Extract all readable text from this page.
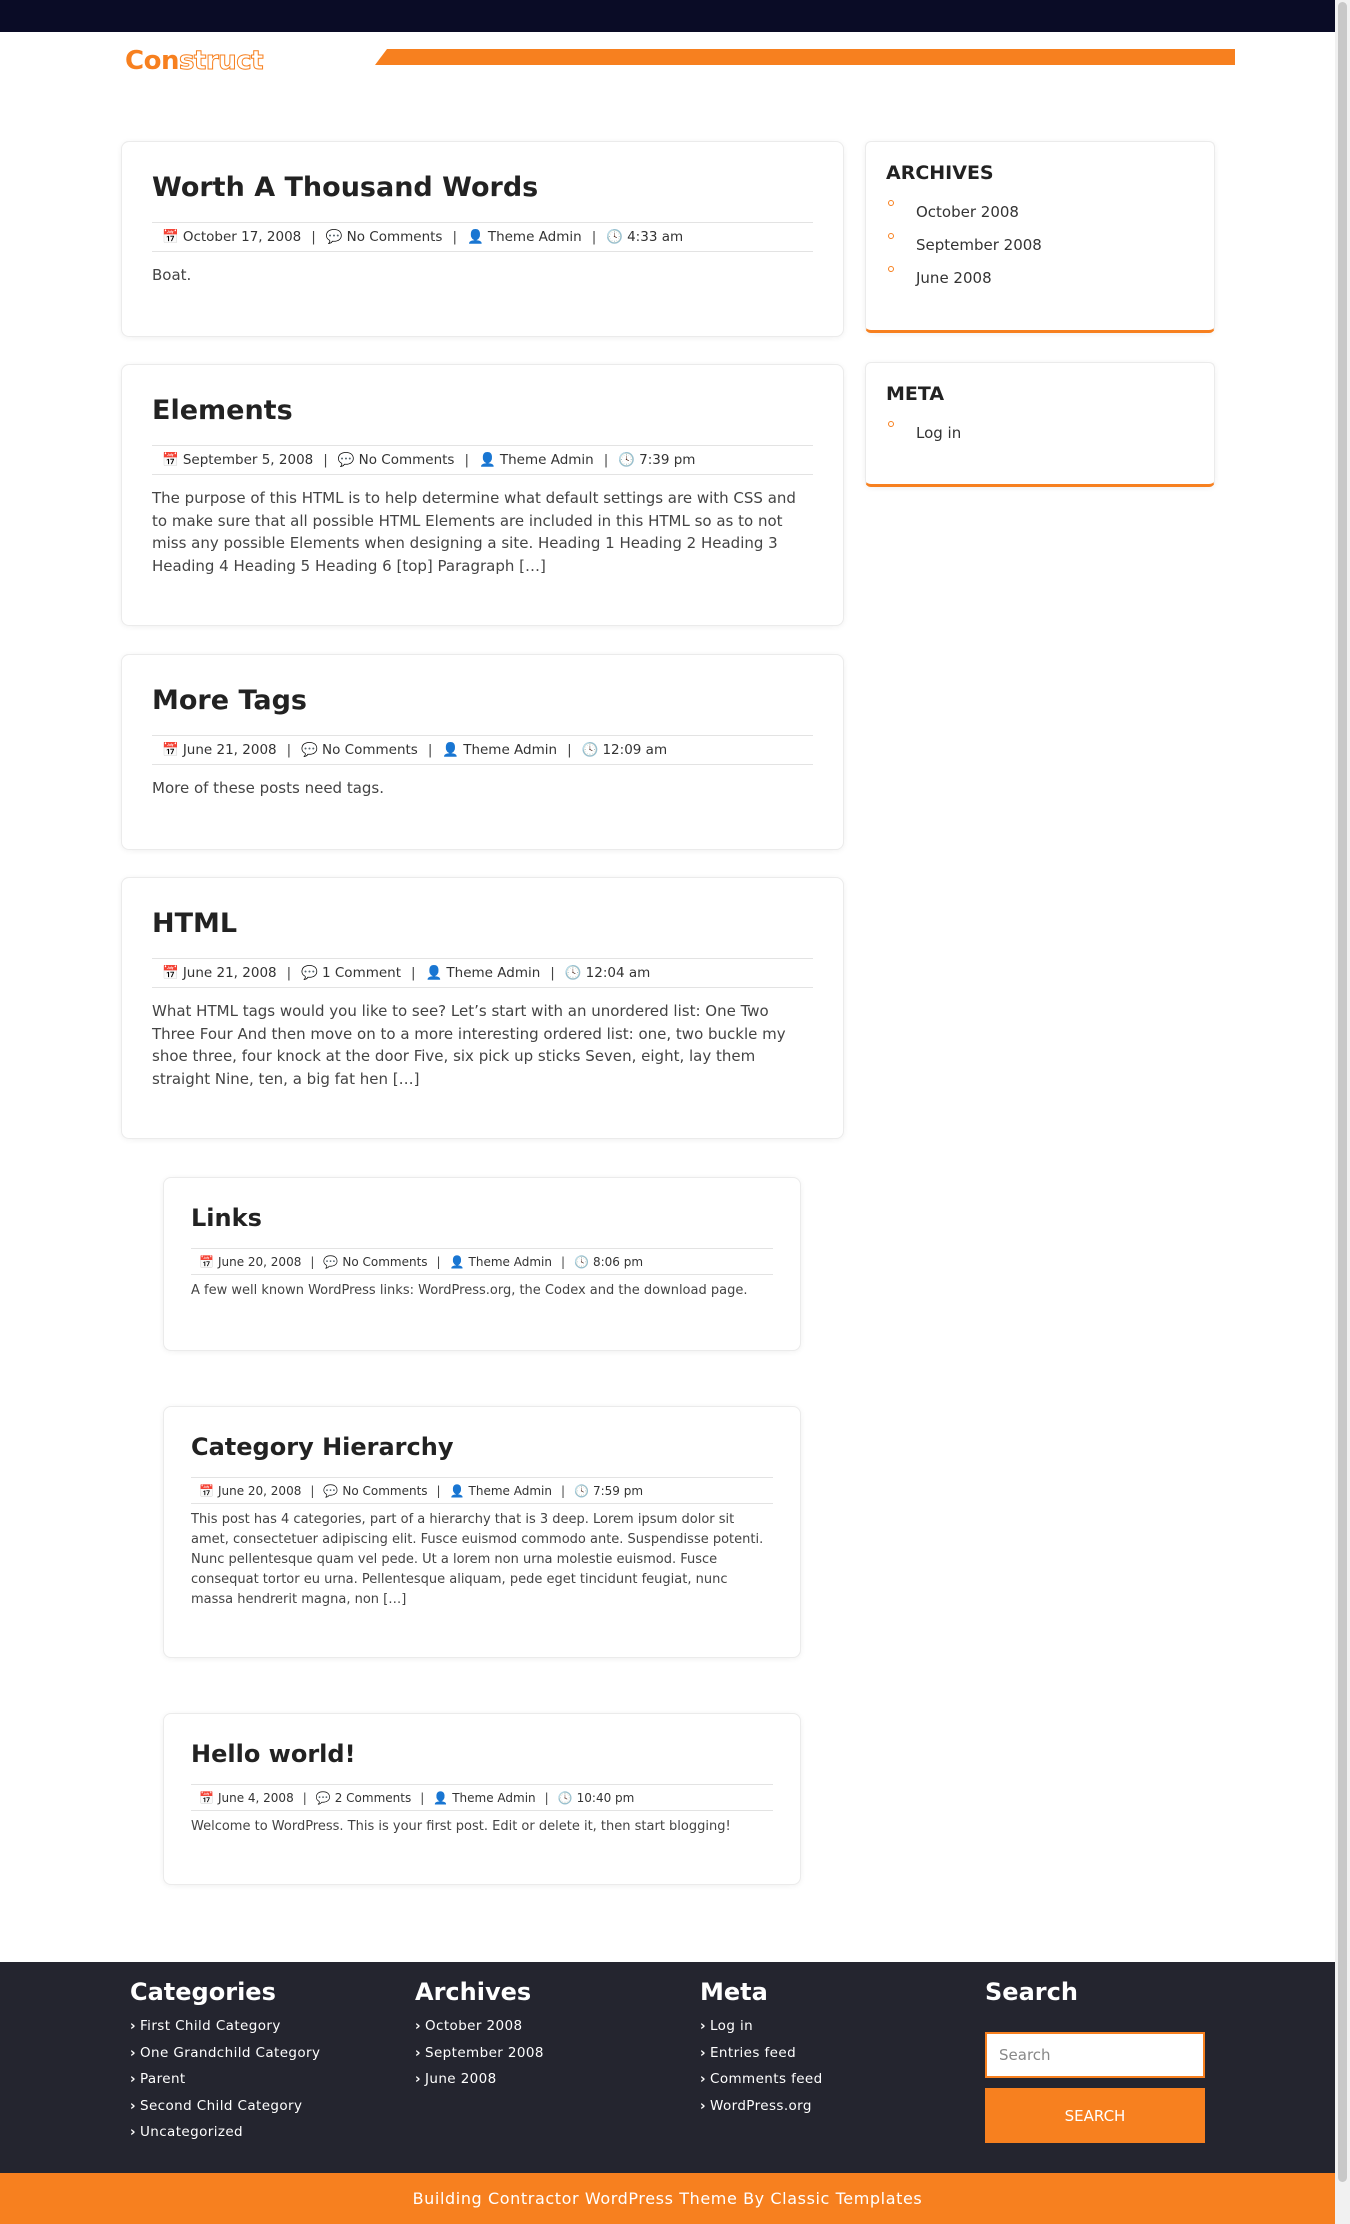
Construct
Worth A Thousand Words
📅 October 17, 2008 | 💬 No Comments | 👤 Theme Admin | 🕓 4:33 am

Boat.

Elements
📅 September 5, 2008 | 💬 No Comments | 👤 Theme Admin | 🕓 7:39 pm

The purpose of this HTML is to help determine what default settings are with CSS and to make sure that all possible HTML Elements are included in this HTML so as to not miss any possible Elements when designing a site. Heading 1 Heading 2 Heading 3 Heading 4 Heading 5 Heading 6 [top] Paragraph […]

More Tags
📅 June 21, 2008 | 💬 No Comments | 👤 Theme Admin | 🕓 12:09 am

More of these posts need tags.

HTML
📅 June 21, 2008 | 💬 1 Comment | 👤 Theme Admin | 🕓 12:04 am

What HTML tags would you like to see? Let’s start with an unordered list: One Two Three Four And then move on to a more interesting ordered list: one, two buckle my shoe three, four knock at the door Five, six pick up sticks Seven, eight, lay them straight Nine, ten, a big fat hen […]

Links
📅 June 20, 2008 | 💬 No Comments | 👤 Theme Admin | 🕓 8:06 pm

A few well known WordPress links: WordPress.org, the Codex and the download page.

Category Hierarchy
📅 June 20, 2008 | 💬 No Comments | 👤 Theme Admin | 🕓 7:59 pm

This post has 4 categories, part of a hierarchy that is 3 deep. Lorem ipsum dolor sit amet, consectetuer adipiscing elit. Fusce euismod commodo ante. Suspendisse potenti. Nunc pellentesque quam vel pede. Ut a lorem non urna molestie euismod. Fusce consequat tortor eu urna. Pellentesque aliquam, pede eget tincidunt feugiat, nunc massa hendrerit magna, non […]

Hello world!
📅 June 4, 2008 | 💬 2 Comments | 👤 Theme Admin | 🕓 10:40 pm

Welcome to WordPress. This is your first post. Edit or delete it, then start blogging!

ARCHIVES
October 2008
September 2008
June 2008
META
Log in
Categories
› First Child Category
› One Grandchild Category
› Parent
› Second Child Category
› Uncategorized
Archives
› October 2008
› September 2008
› June 2008
Meta
› Log in
› Entries feed
› Comments feed
› WordPress.org
Search
Search
SEARCH
Building Contractor WordPress Theme By Classic Templates
